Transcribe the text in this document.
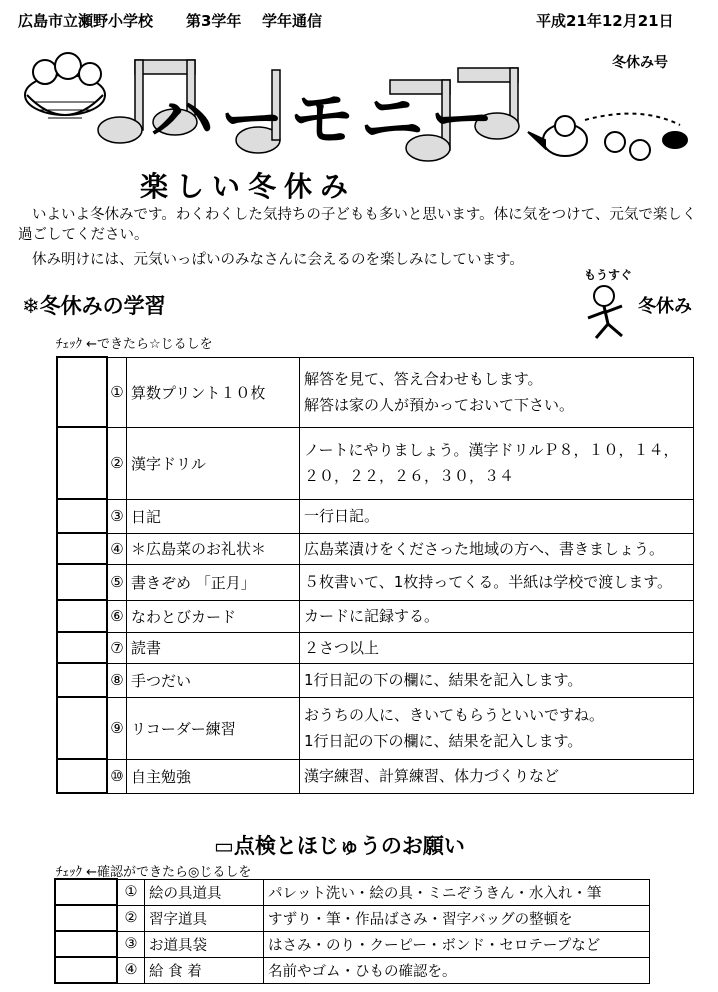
広島市立瀬野小学校 第3学年 学年通信	平成21年12月21日
ハーモニー
冬休み号
楽しい冬休み
いよいよ冬休みです。わくわくした気持ちの子どもも多いと思います。体に気をつけて、元気で楽しく過ごしてください。
休み明けには、元気いっぱいのみなさんに会えるのを楽しみにしています。
もうすぐ
冬休み
❄冬休みの学習
ﾁｪｯｸ ←できたら☆じるしを
	①	算数プリント１０枚	解答を見て、答え合わせもします。
解答は家の人が預かっておいて下さい。

	②	漢字ドリル	ノートにやりましょう。漢字ドリルＰ８，１０，１４，
２０，２２，２６，３０，３４

	③	日記	一行日記。

	④	＊広島菜のお礼状＊	広島菜漬けをくださった地域の方へ、書きましょう。

	⑤	書きぞめ 「正月」	５枚書いて、1枚持ってくる。半紙は学校で渡します。

	⑥	なわとびカード	カードに記録する。

	⑦	読書	２さつ以上

	⑧	手つだい	1行日記の下の欄に、結果を記入します。

	⑨	リコーダー練習	おうちの人に、きいてもらうといいですね。
1行日記の下の欄に、結果を記入します。

	⑩	自主勉強	漢字練習、計算練習、体力づくりなど
▭点検とほじゅうのお願い
ﾁｪｯｸ ←確認ができたら◎じるしを
	①	絵の具道具	パレット洗い・絵の具・ミニぞうきん・水入れ・筆
	②	習字道具	すずり・筆・作品ばさみ・習字バッグの整頓を
	③	お道具袋	はさみ・のり・クーピー・ボンド・セロテープなど
	④	給 食 着	名前やゴム・ひもの確認を。
